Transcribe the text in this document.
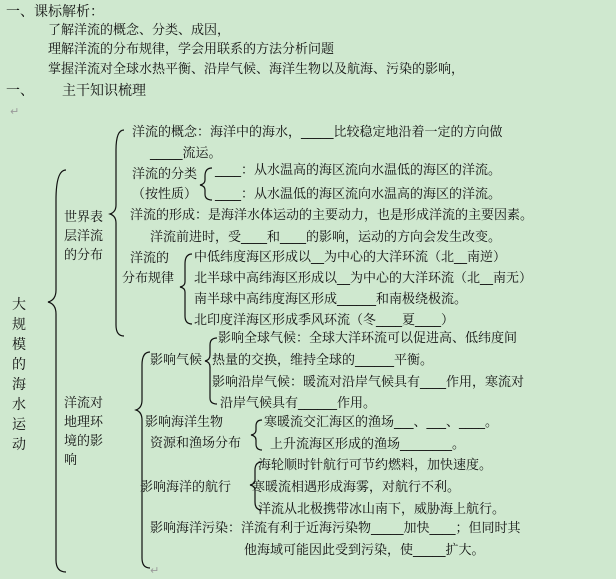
一、课标解析：
了解洋流的概念、分类、成因，
理解洋流的分布规律，学会用联系的方法分析问题
掌握洋流对全球水热平衡、沿岸气候、海洋生物以及航海、污染的影响，
一、 主干知识梳理
↵
大规模的海水运动
世界表层洋流的分布
洋流的概念：海洋中的海水，_____比较稳定地沿着一定的方向做
_____流运。
洋流的分类
（按性质）
____：从水温高的海区流向水温低的海区的洋流。
____：从水温低的海区流向水温高的海区的洋流。
洋流的形成：是海洋水体运动的主要动力，也是形成洋流的主要因素。
洋流前进时，受____和____的影响，运动的方向会发生改变。
洋流的
分布规律
中低纬度海区形成以__为中心的大洋环流（北__南逆）
北半球中高纬海区形成以__为中心的大洋环流（北__南无）
南半球中高纬度海区形成______和南极绕极流。
北印度洋海区形成季风环流（冬____夏____）
洋流对地理环境的影响
影响气候
影响全球气候：全球大洋环流可以促进高、低纬度间
热量的交换，维持全球的______平衡。
影响沿岸气候：暖流对沿岸气候具有____作用，寒流对
沿岸气候具有______作用。
影响海洋生物
资源和渔场分布
寒暖流交汇海区的渔场___、___、____。
上升流海区形成的渔场________。
影响海洋的航行
海轮顺时针航行可节约燃料，加快速度。
寒暖流相遇形成海雾，对航行不利。
洋流从北极携带冰山南下，威胁海上航行。
影响海洋污染：洋流有利于近海污染物_____加快____；但同时其
他海域可能因此受到污染，使_____扩大。
↵
